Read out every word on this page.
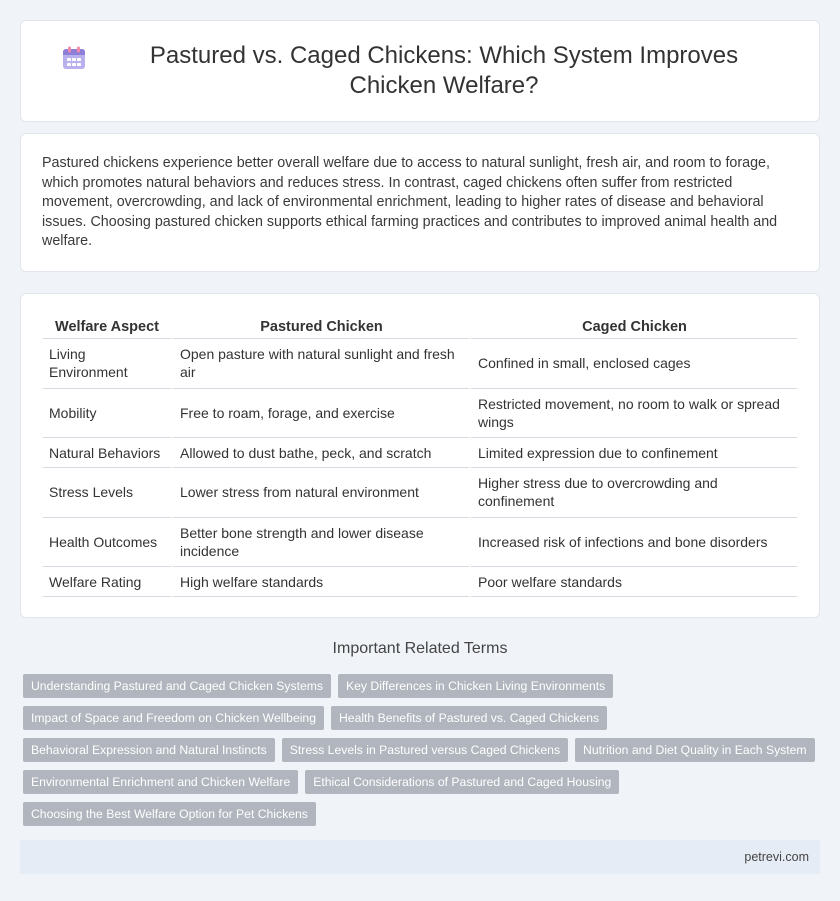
Pastured vs. Caged Chickens: Which System Improves Chicken Welfare?

Pastured chickens experience better overall welfare due to access to natural sunlight, fresh air, and room to forage, which promotes natural behaviors and reduces stress. In contrast, caged chickens often suffer from restricted movement, overcrowding, and lack of environmental enrichment, leading to higher rates of disease and behavioral issues. Choosing pastured chicken supports ethical farming practices and contributes to improved animal health and welfare.

Welfare Aspect	Pastured Chicken	Caged Chicken
Living Environment	Open pasture with natural sunlight and fresh air	Confined in small, enclosed cages
Mobility	Free to roam, forage, and exercise	Restricted movement, no room to walk or spread wings
Natural Behaviors	Allowed to dust bathe, peck, and scratch	Limited expression due to confinement
Stress Levels	Lower stress from natural environment	Higher stress due to overcrowding and confinement
Health Outcomes	Better bone strength and lower disease incidence	Increased risk of infections and bone disorders
Welfare Rating	High welfare standards	Poor welfare standards
Important Related Terms
Understanding Pastured and Caged Chicken Systems	Key Differences in Chicken Living Environments
Impact of Space and Freedom on Chicken Wellbeing	Health Benefits of Pastured vs. Caged Chickens
Behavioral Expression and Natural Instincts	Stress Levels in Pastured versus Caged Chickens	Nutrition and Diet Quality in Each System
Environmental Enrichment and Chicken Welfare	Ethical Considerations of Pastured and Caged Housing
Choosing the Best Welfare Option for Pet Chickens
petrevi.com
